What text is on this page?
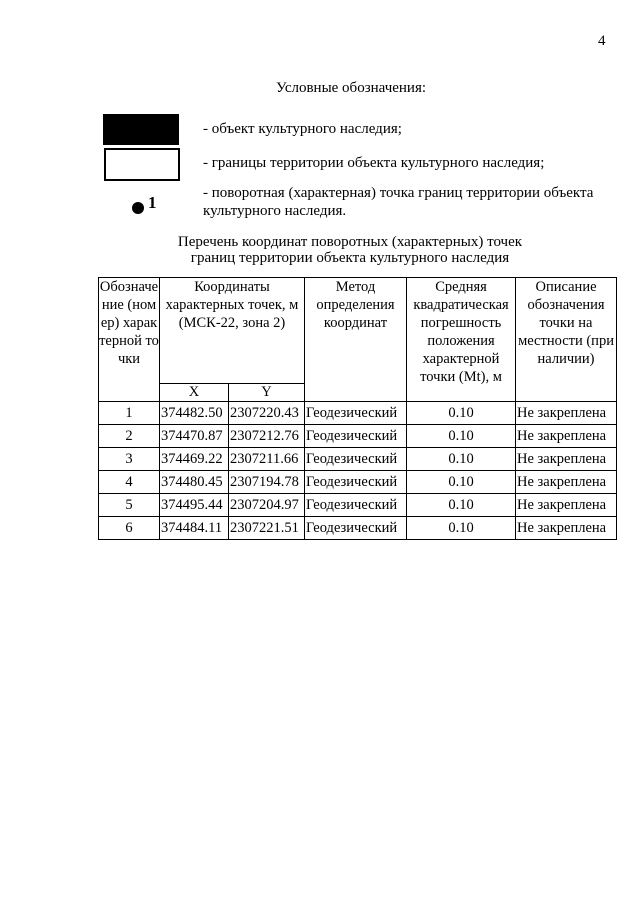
4
Условные обозначения:
- объект культурного наследия;
- границы территории объекта культурного наследия;
1	- поворотная (характерная) точка границ территории объекта культурного наследия.
Перечень координат поворотных (характерных) точек
границ территории объекта культурного наследия
Обозначение (номер) характерной точки	Координаты характерных точек, м (МСК-22, зона 2)		Метод определения координат	Средняя квадратическая погрешность положения характерной точки (Mt), м	Описание обозначения точки на местности (при наличии)
	X	Y			
1	374482.50	2307220.43	Геодезический	0.10	Не закреплена
2	374470.87	2307212.76	Геодезический	0.10	Не закреплена
3	374469.22	2307211.66	Геодезический	0.10	Не закреплена
4	374480.45	2307194.78	Геодезический	0.10	Не закреплена
5	374495.44	2307204.97	Геодезический	0.10	Не закреплена
6	374484.11	2307221.51	Геодезический	0.10	Не закреплена
